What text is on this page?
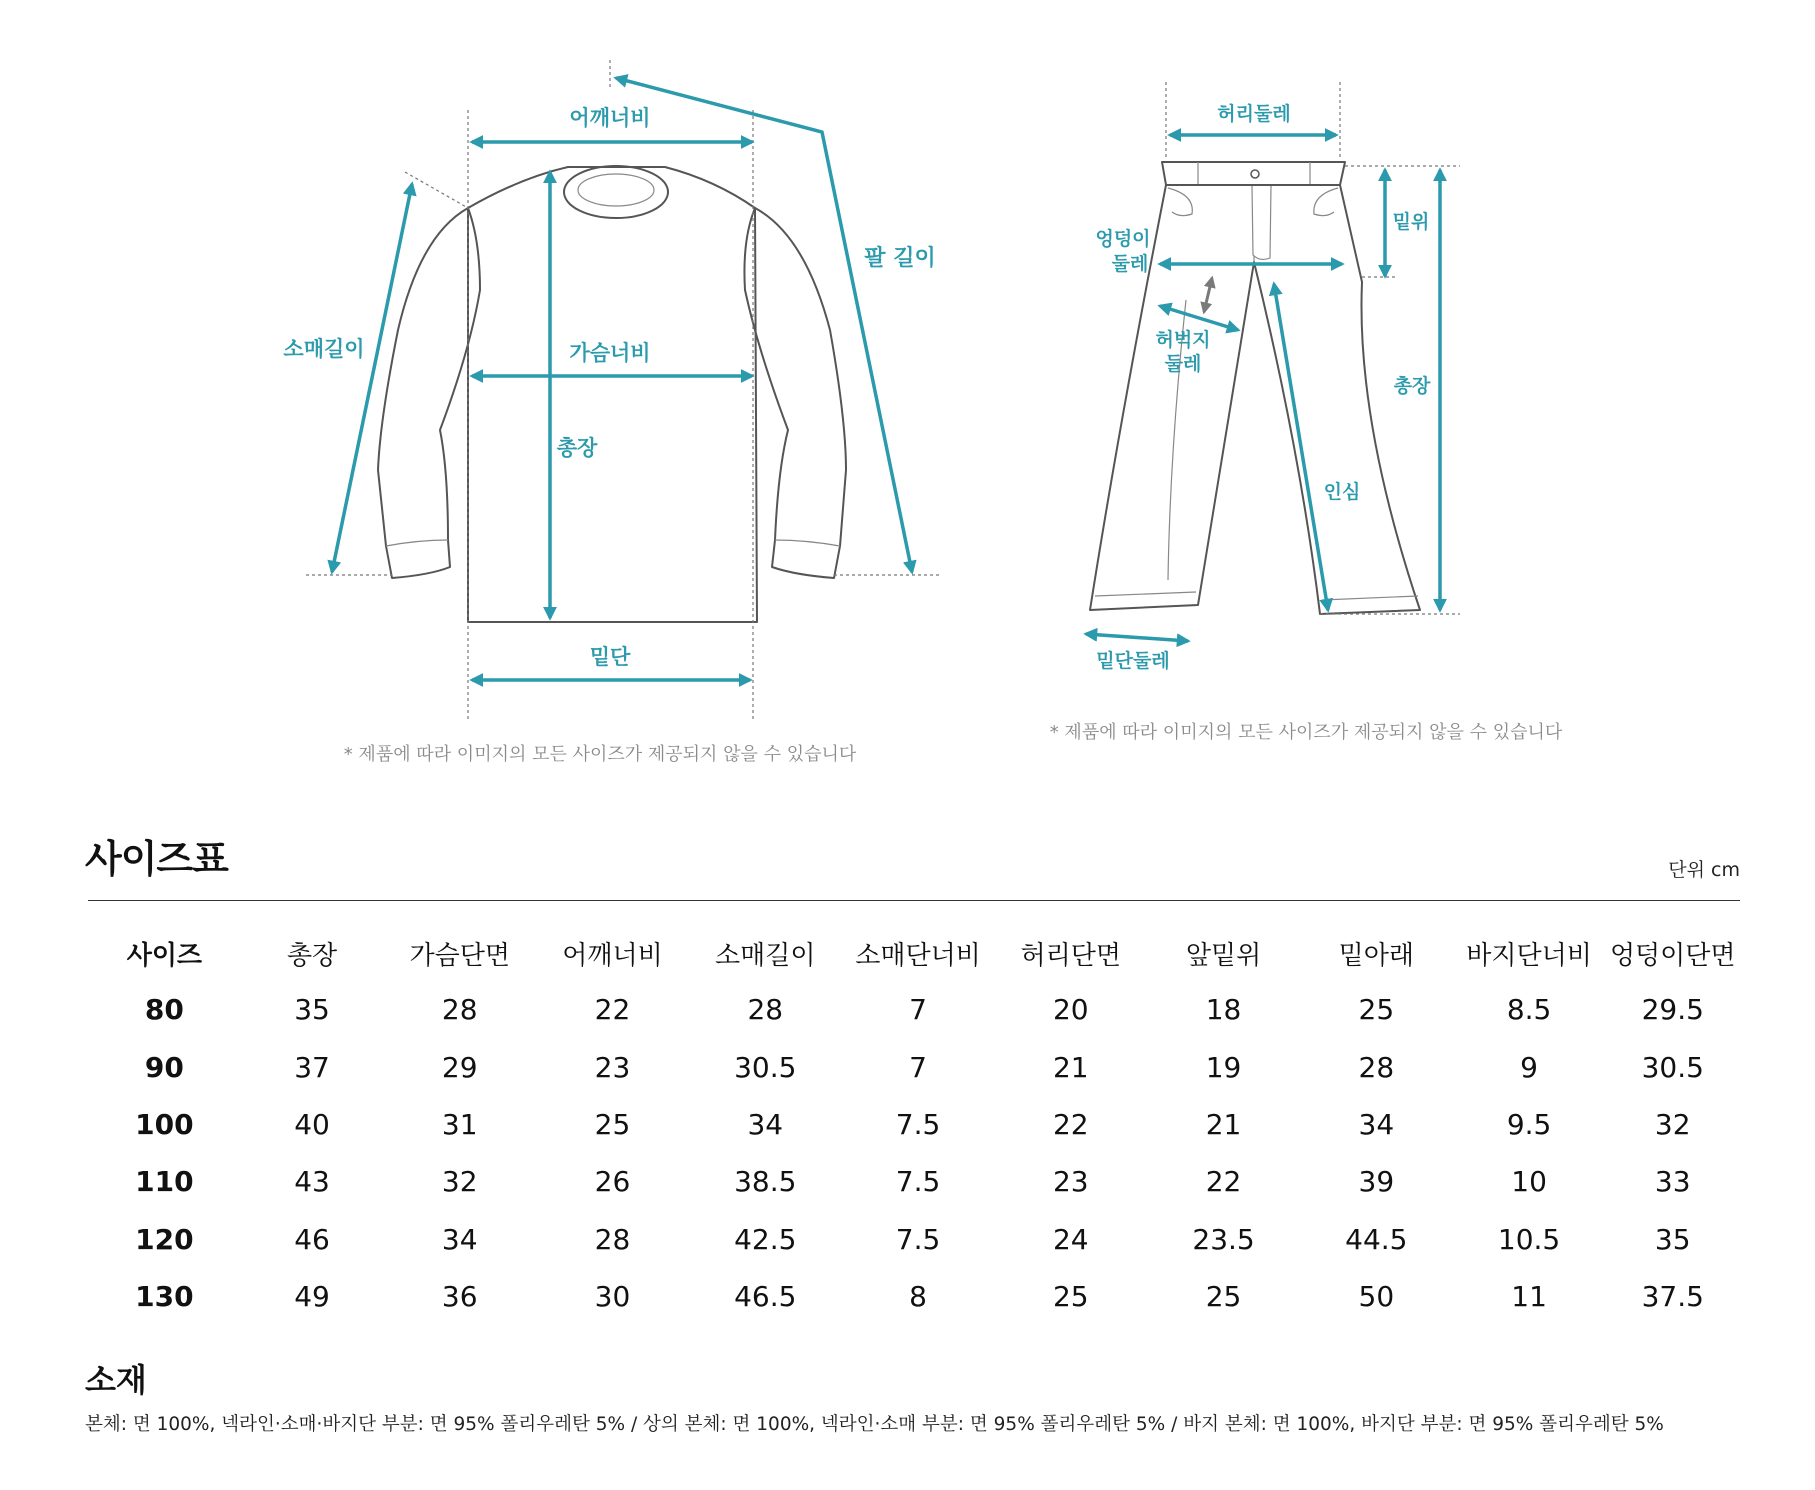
어깨너비
팔 길이
소매길이	가슴너비
총장
밑단
* 제품에 따라 이미지의 모든 사이즈가 제공되지 않을 수 있습니다
허리둘레
엉덩이
둘레
밑위
허벅지
둘레
총장
인심
밑단둘레
* 제품에 따라 이미지의 모든 사이즈가 제공되지 않을 수 있습니다
사이즈표	단위 cm
사이즈	총장	가슴단면	어깨너비	소매길이	소매단너비	허리단면	앞밑위	밑아래	바지단너비	엉덩이단면
80	35	28	22	28	7	20	18	25	8.5	29.5
90	37	29	23	30.5	7	21	19	28	9	30.5
100	40	31	25	34	7.5	22	21	34	9.5	32
110	43	32	26	38.5	7.5	23	22	39	10	33
120	46	34	28	42.5	7.5	24	23.5	44.5	10.5	35
130	49	36	30	46.5	8	25	25	50	11	37.5
소재
본체: 면 100%, 넥라인·소매·바지단 부분: 면 95% 폴리우레탄 5% / 상의 본체: 면 100%, 넥라인·소매 부분: 면 95% 폴리우레탄 5% / 바지 본체: 면 100%, 바지단 부분: 면 95% 폴리우레탄 5%
